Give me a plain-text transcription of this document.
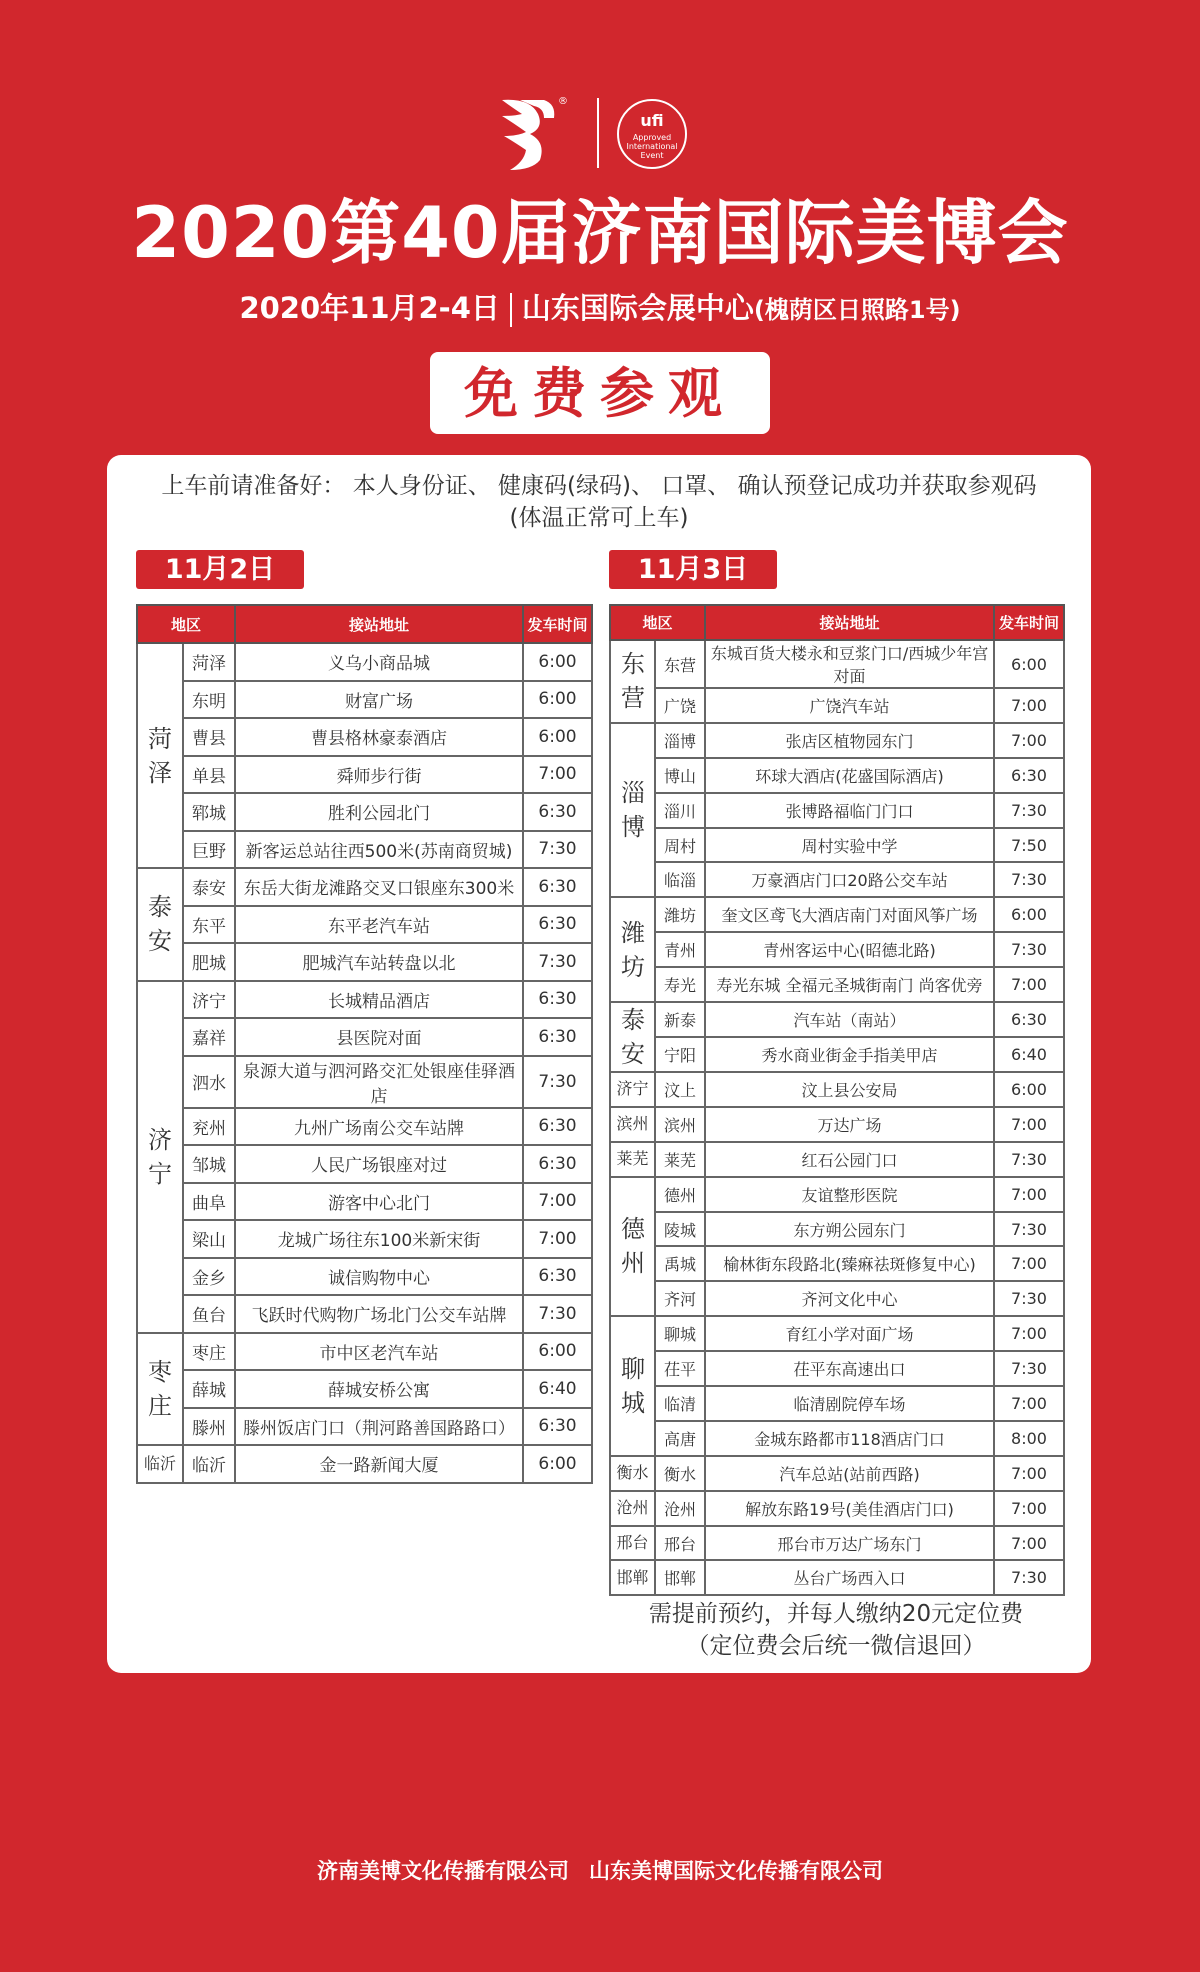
®
ufi
Approved
International
Event
2020第40届济南国际美博会
2020年11月2-4日 山东国际会展中心(槐荫区日照路1号)
免费参观
上车前请准备好： 本人身份证、 健康码(绿码)、 口罩、 确认预登记成功并获取参观码
(体温正常可上车)
11月2日	11月3日
地区		接站地址	发车时间
菏泽	菏泽	义乌小商品城	6:00
	东明	财富广场	6:00
	曹县	曹县格林豪泰酒店	6:00
	单县	舜师步行街	7:00
	郓城	胜利公园北门	6:30
	巨野	新客运总站往西500米(苏南商贸城)	7:30
泰安	泰安	东岳大街龙滩路交叉口银座东300米	6:30
	东平	东平老汽车站	6:30
	肥城	肥城汽车站转盘以北	7:30
济宁	济宁	长城精品酒店	6:30
	嘉祥	县医院对面	6:30
	泗水	泉源大道与泗河路交汇处银座佳驿酒店	7:30
	兖州	九州广场南公交车站牌	6:30
	邹城	人民广场银座对过	6:30
	曲阜	游客中心北门	7:00
	梁山	龙城广场往东100米新宋街	7:00
	金乡	诚信购物中心	6:30
	鱼台	飞跃时代购物广场北门公交车站牌	7:30
枣庄	枣庄	市中区老汽车站	6:00
	薛城	薛城安桥公寓	6:40
	滕州	滕州饭店门口（荆河路善国路路口）	6:30
临沂	临沂	金一路新闻大厦	6:00
地区		接站地址	发车时间
东营	东营	东城百货大楼永和豆浆门口/西城少年宫对面	6:00
	广饶	广饶汽车站	7:00
淄博	淄博	张店区植物园东门	7:00
	博山	环球大酒店(花盛国际酒店)	6:30
	淄川	张博路福临门门口	7:30
	周村	周村实验中学	7:50
	临淄	万豪酒店门口20路公交车站	7:30
潍坊	潍坊	奎文区鸢飞大酒店南门对面风筝广场	6:00
	青州	青州客运中心(昭德北路)	7:30
	寿光	寿光东城 全福元圣城街南门 尚客优旁	7:00
泰安	新泰	汽车站（南站）	6:30
	宁阳	秀水商业街金手指美甲店	6:40
济宁	汶上	汶上县公安局	6:00
滨州	滨州	万达广场	7:00
莱芜	莱芜	红石公园门口	7:30
德州	德州	友谊整形医院	7:00
	陵城	东方朔公园东门	7:30
	禹城	榆林街东段路北(臻痳祛斑修复中心)	7:00
	齐河	齐河文化中心	7:30
聊城	聊城	育红小学对面广场	7:00
	茌平	茌平东高速出口	7:30
	临清	临清剧院停车场	7:00
	高唐	金城东路都市118酒店门口	8:00
衡水	衡水	汽车总站(站前西路)	7:00
沧州	沧州	解放东路19号(美佳酒店门口)	7:00
邢台	邢台	邢台市万达广场东门	7:00
邯郸	邯郸	丛台广场西入口	7:30
需提前预约，并每人缴纳20元定位费
（定位费会后统一微信退回）
济南美博文化传播有限公司 山东美博国际文化传播有限公司
